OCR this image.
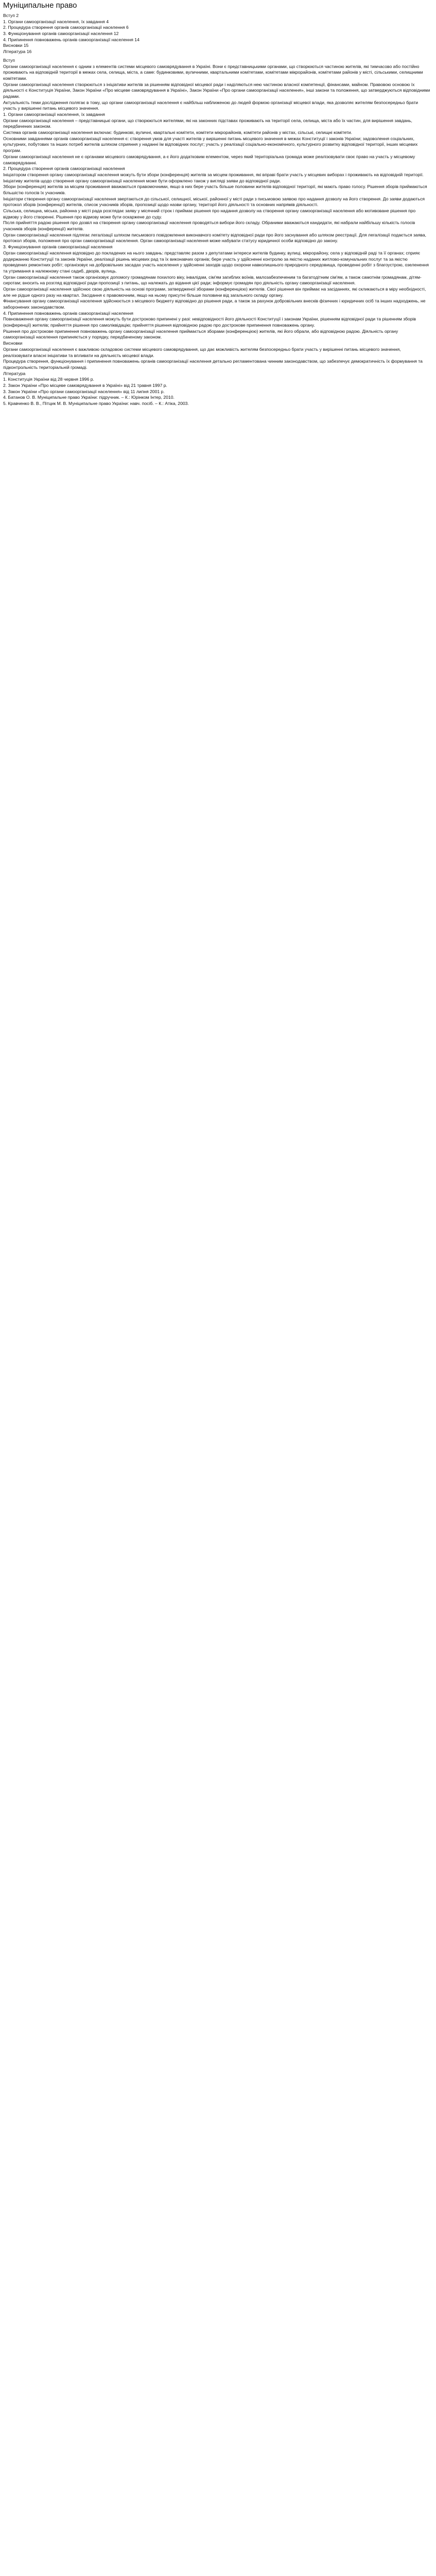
Муніципальне право

Вступ 2

1. Органи самоорганізації населення, їх завдання 4

2. Процедура створення органів самоорганізації населення 6

3. Функціонування органів самоорганізації населення 12

4. Припинення повноважень органів самоорганізації населення 14

Висновки 15

Література 16

Вступ

Органи самоорганізації населення є одним з елементів системи місцевого самоврядування в Україні. Вони є представницькими органами, що створюються частиною жителів, які тимчасово або постійно проживають на відповідній території в межах села, селища, міста, а саме: будинковими, вуличними, квартальними комітетами, комітетами мікрорайонів, комітетами районів у місті, сільськими, селищними комітетами.

Органи самоорганізації населення створюються з ініціативи жителів за рішенням відповідної місцевої ради і наділяються нею частиною власної компетенції, фінансами, майном. Правовою основою їх діяльності є Конституція України, Закон України «Про місцеве самоврядування в Україні», Закон України «Про органи самоорганізації населення», інші закони та положення, що затверджуються відповідними радами.

Актуальність теми дослідження полягає в тому, що органи самоорганізації населення є найбільш наближеною до людей формою організації місцевої влади, яка дозволяє жителям безпосередньо брати участь у вирішенні питань місцевого значення.

1. Органи самоорганізації населення, їх завдання

Органи самоорганізації населення – представницькі органи, що створюються жителями, які на законних підставах проживають на території села, селища, міста або їх частин, для вирішення завдань, передбачених законом.

Система органів самоорганізації населення включає: будинкові, вуличні, квартальні комітети, комітети мікрорайонів, комітети районів у містах, сільські, селищні комітети.

Основними завданнями органів самоорганізації населення є: створення умов для участі жителів у вирішенні питань місцевого значення в межах Конституції і законів України; задоволення соціальних, культурних, побутових та інших потреб жителів шляхом сприяння у наданні їм відповідних послуг; участь у реалізації соціально-економічного, культурного розвитку відповідної території, інших місцевих програм.

Органи самоорганізації населення не є органами місцевого самоврядування, а є його додатковим елементом, через який територіальна громада може реалізовувати своє право на участь у місцевому самоврядуванні.

2. Процедура створення органів самоорганізації населення

Ініціатором створення органу самоорганізації населення можуть бути збори (конференція) жителів за місцем проживання, які вправі брати участь у місцевих виборах і проживають на відповідній території. Ініціативу жителів щодо створення органу самоорганізації населення може бути оформлено також у вигляді заяви до відповідної ради.

Збори (конференція) жителів за місцем проживання вважаються правомочними, якщо в них бере участь більше половини жителів відповідної території, які мають право голосу. Рішення зборів приймаються більшістю голосів їх учасників.

Ініціатори створення органу самоорганізації населення звертаються до сільської, селищної, міської, районної у місті ради з письмовою заявою про надання дозволу на його створення. До заяви додаються протокол зборів (конференції) жителів, список учасників зборів, пропозиції щодо назви органу, території його діяльності та основних напрямів діяльності.

Сільська, селищна, міська, районна у місті рада розглядає заяву у місячний строк і приймає рішення про надання дозволу на створення органу самоорганізації населення або мотивоване рішення про відмову у його створенні. Рішення про відмову може бути оскаржене до суду.

Після прийняття радою рішення про дозвіл на створення органу самоорганізації населення проводяться вибори його складу. Обраними вважаються кандидати, які набрали найбільшу кількість голосів учасників зборів (конференції) жителів.

Орган самоорганізації населення підлягає легалізації шляхом письмового повідомлення виконавчого комітету відповідної ради про його заснування або шляхом реєстрації. Для легалізації подається заява, протокол зборів, положення про орган самоорганізації населення. Орган самоорганізації населення може набувати статусу юридичної особи відповідно до закону.

3. Функціонування органів самоорганізації населення

Орган самоорганізації населення відповідно до покладених на нього завдань: представляє разом з депутатами інтереси жителів будинку, вулиці, мікрорайону, села у відповідній раді та її органах; сприяє додержанню Конституції та законів України, реалізації рішень місцевих рад та їх виконавчих органів; бере участь у здійсненні контролю за якістю наданих житлово-комунальних послуг та за якістю проведених ремонтних робіт; організовує на добровільних засадах участь населення у здійсненні заходів щодо охорони навколишнього природного середовища, проведенні робіт з благоустрою, озеленення та утримання в належному стані садиб, дворів, вулиць.

Орган самоорганізації населення також організовує допомогу громадянам похилого віку, інвалідам, сім'ям загиблих воїнів, малозабезпеченим та багатодітним сім'ям, а також самотнім громадянам, дітям-сиротам; вносить на розгляд відповідної ради пропозиції з питань, що належать до відання цієї ради; інформує громадян про діяльність органу самоорганізації населення.

Орган самоорганізації населення здійснює свою діяльність на основі програми, затвердженої зборами (конференцією) жителів. Свої рішення він приймає на засіданнях, які скликаються в міру необхідності, але не рідше одного разу на квартал. Засідання є правомочним, якщо на ньому присутні більше половини від загального складу органу.

Фінансування органу самоорганізації населення здійснюється з місцевого бюджету відповідно до рішення ради, а також за рахунок добровільних внесків фізичних і юридичних осіб та інших надходжень, не заборонених законодавством.

4. Припинення повноважень органів самоорганізації населення

Повноваження органу самоорганізації населення можуть бути достроково припинені у разі: невідповідності його діяльності Конституції і законам України, рішенням відповідної ради та рішенням зборів (конференції) жителів; прийняття рішення про самоліквідацію; прийняття рішення відповідною радою про дострокове припинення повноважень органу.

Рішення про дострокове припинення повноважень органу самоорганізації населення приймається зборами (конференцією) жителів, які його обрали, або відповідною радою. Діяльність органу самоорганізації населення припиняється у порядку, передбаченому законом.

Висновки

Органи самоорганізації населення є важливою складовою системи місцевого самоврядування, що дає можливість жителям безпосередньо брати участь у вирішенні питань місцевого значення, реалізовувати власні ініціативи та впливати на діяльність місцевої влади.

Процедура створення, функціонування і припинення повноважень органів самоорганізації населення детально регламентована чинним законодавством, що забезпечує демократичність їх формування та підконтрольність територіальній громаді.

Література

1. Конституція України від 28 червня 1996 р.

2. Закон України «Про місцеве самоврядування в Україні» від 21 травня 1997 р.

3. Закон України «Про органи самоорганізації населення» від 11 липня 2001 р.

4. Батанов О. В. Муніципальне право України: підручник. – К.: Юрінком Інтер, 2010.

5. Кравченко В. В., Пітцик М. В. Муніципальне право України: навч. посіб. – К.: Атіка, 2003.
